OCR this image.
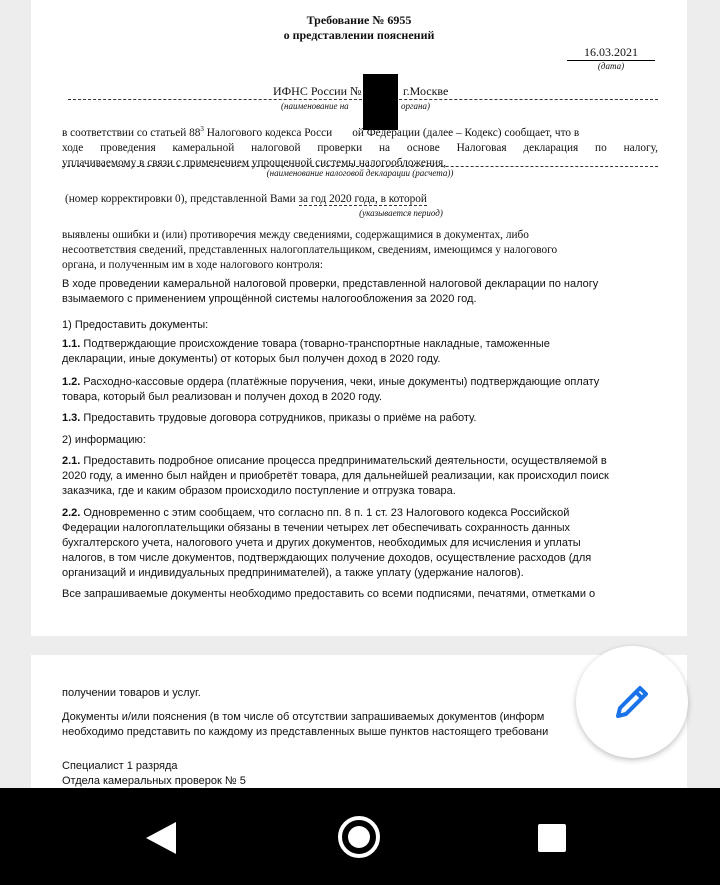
Требование № 6955

о представлении пояснений

16.03.2021
(дата)
ИФНС России №	г.Москве
(наименование на	органа)
в соответствии со статьей $88^3$ Налогового кодекса Росси ой Федерации (далее – Кодекс) сообщает, что в
ходе проведения камеральной налоговой проверки на основе Налоговая декларация по налогу,
уплачиваемому в связи с применением упрощенной системы налогообложения,
(наименование налоговой декларации (расчета))
(номер корректировки 0), представленной Вами за год 2020 года, в которой
(указывается период)
выявлены ошибки и (или) противоречия между сведениями, содержащимися в документах, либо
несоответствия сведений, представленных налогоплательщиком, сведениям, имеющимся у налогового
органа, и полученным им в ходе налогового контроля:
В ходе проведении камеральной налоговой проверки, представленной налоговой декларации по налогу
взымаемого с применением упрощённой системы налогообложения за 2020 год.
1) Предоставить документы:
1.1. Подтверждающие происхождение товара (товарно-транспортные накладные, таможенные
декларации, иные документы) от которых был получен доход в 2020 году.
1.2. Расходно-кассовые ордера (платёжные поручения, чеки, иные документы) подтверждающие оплату
товара, который был реализован и получен доход в 2020 году.
1.3. Предоставить трудовые договора сотрудников, приказы о приёме на работу.
2) информацию:
2.1. Предоставить подробное описание процесса предпринимательский деятельности, осуществляемой в
2020 году, а именно был найден и приобретёт товара, для дальнейшей реализации, как происходил поиск
заказчика, где и каким образом происходило поступление и отгрузка товара.
2.2. Одновременно с этим сообщаем, что согласно пп. 8 п. 1 ст. 23 Налогового кодекса Российской
Федерации налогоплательщики обязаны в течении четырех лет обеспечивать сохранность данных
бухгалтерского учета, налогового учета и других документов, необходимых для исчисления и уплаты
налогов, в том числе документов, подтверждающих получение доходов, осуществление расходов (для
организаций и индивидуальных предпринимателей), а также уплату (удержание налогов).
Все запрашиваемые документы необходимо предоставить со всеми подписями, печатями, отметками о
получении товаров и услуг.
Документы и/или пояснения (в том числе об отсутствии запрашиваемых документов (информ
необходимо представить по каждому из представленных выше пунктов настоящего требовани
Специалист 1 разряда
Отдела камеральных проверок № 5
